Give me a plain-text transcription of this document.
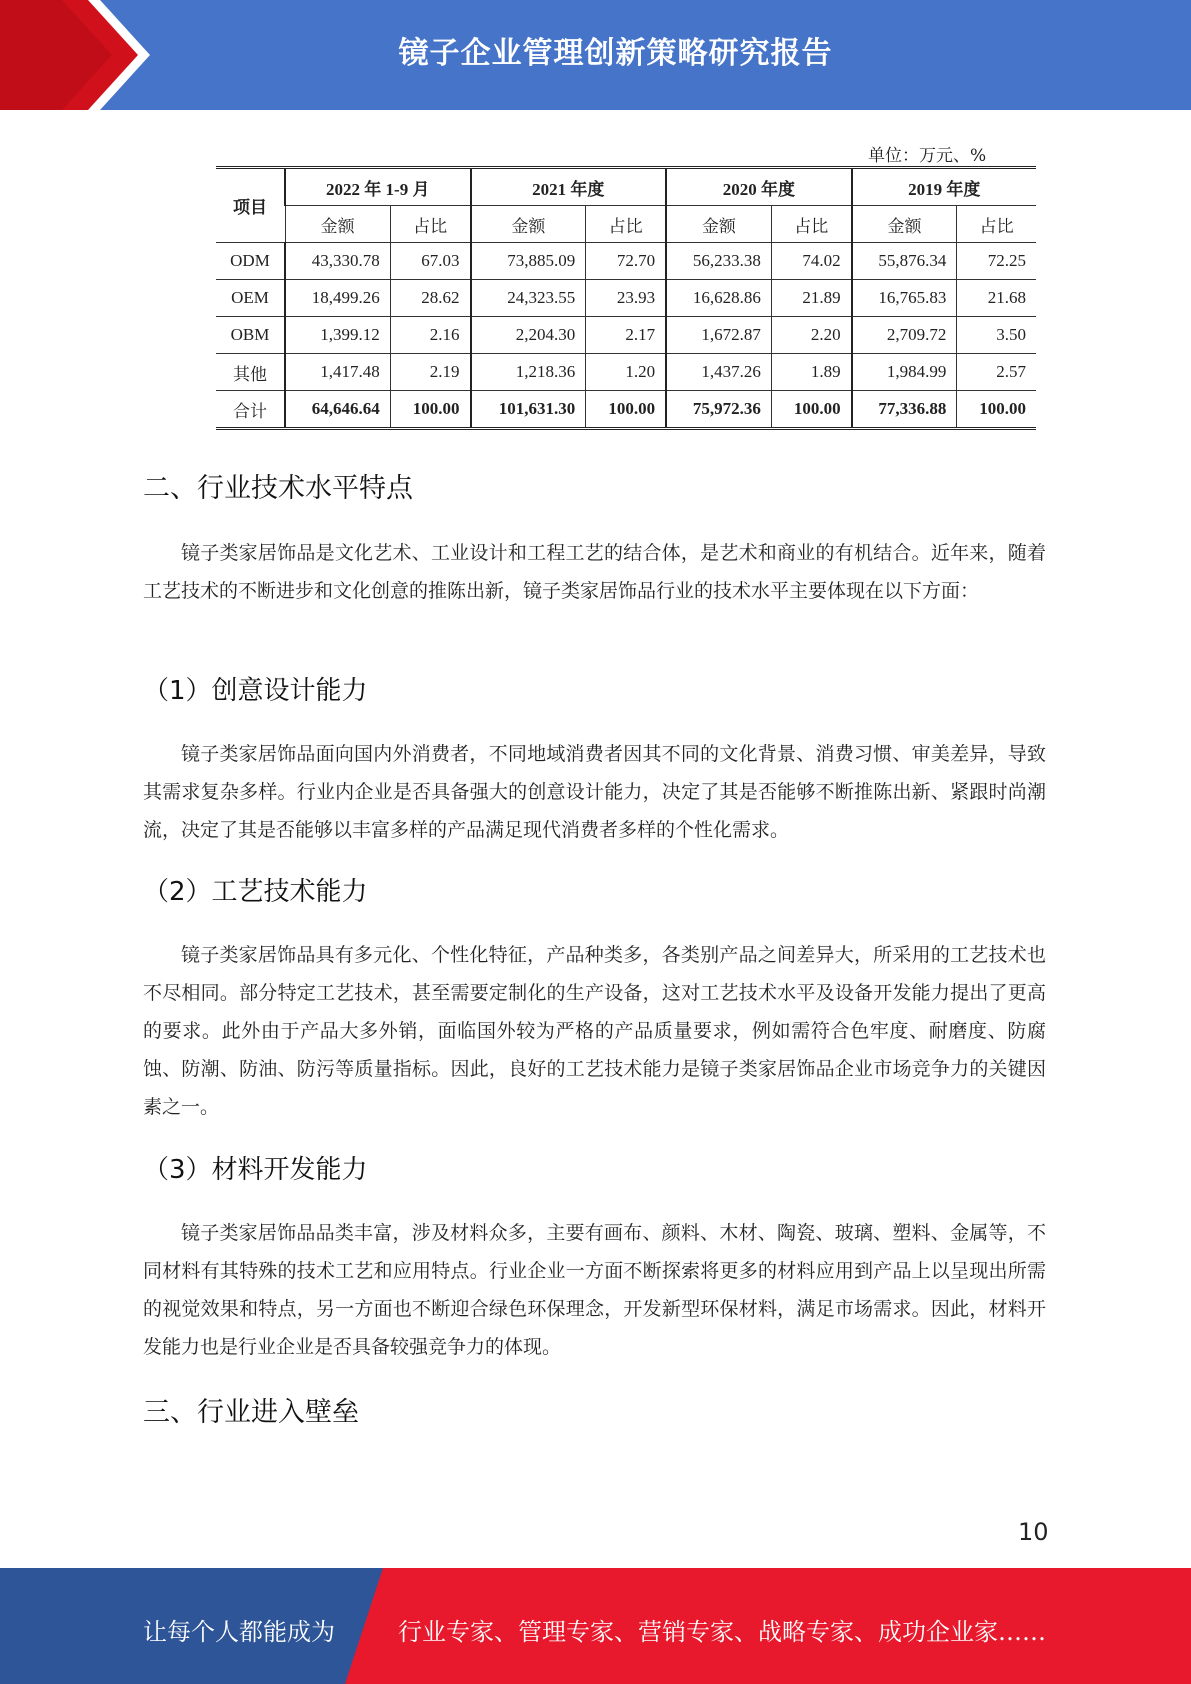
镜子企业管理创新策略研究报告
单位：万元、%
项目	2022 年 1-9 月		2021 年度		2020 年度		2019 年度	
	金额	占比	金额	占比	金额	占比	金额	占比
ODM	43,330.78	67.03	73,885.09	72.70	56,233.38	74.02	55,876.34	72.25
OEM	18,499.26	28.62	24,323.55	23.93	16,628.86	21.89	16,765.83	21.68
OBM	1,399.12	2.16	2,204.30	2.17	1,672.87	2.20	2,709.72	3.50
其他	1,417.48	2.19	1,218.36	1.20	1,437.26	1.89	1,984.99	2.57
合计	64,646.64	100.00	101,631.30	100.00	75,972.36	100.00	77,336.88	100.00
二、行业技术水平特点
镜子类家居饰品是文化艺术、工业设计和工程工艺的结合体，是艺术和商业的有机结合。近年来，随着工艺技术的不断进步和文化创意的推陈出新，镜子类家居饰品行业的技术水平主要体现在以下方面：
（1）创意设计能力
镜子类家居饰品面向国内外消费者，不同地域消费者因其不同的文化背景、消费习惯、审美差异，导致其需求复杂多样。行业内企业是否具备强大的创意设计能力，决定了其是否能够不断推陈出新、紧跟时尚潮流，决定了其是否能够以丰富多样的产品满足现代消费者多样的个性化需求。
（2）工艺技术能力
镜子类家居饰品具有多元化、个性化特征，产品种类多，各类别产品之间差异大，所采用的工艺技术也不尽相同。部分特定工艺技术，甚至需要定制化的生产设备，这对工艺技术水平及设备开发能力提出了更高的要求。此外由于产品大多外销，面临国外较为严格的产品质量要求，例如需符合色牢度、耐磨度、防腐蚀、防潮、防油、防污等质量指标。因此，良好的工艺技术能力是镜子类家居饰品企业市场竞争力的关键因素之一。
（3）材料开发能力
镜子类家居饰品品类丰富，涉及材料众多，主要有画布、颜料、木材、陶瓷、玻璃、塑料、金属等，不同材料有其特殊的技术工艺和应用特点。行业企业一方面不断探索将更多的材料应用到产品上以呈现出所需的视觉效果和特点，另一方面也不断迎合绿色环保理念，开发新型环保材料，满足市场需求。因此，材料开发能力也是行业企业是否具备较强竞争力的体现。
三、行业进入壁垒
10
让每个人都能成为	行业专家、管理专家、营销专家、战略专家、成功企业家……
